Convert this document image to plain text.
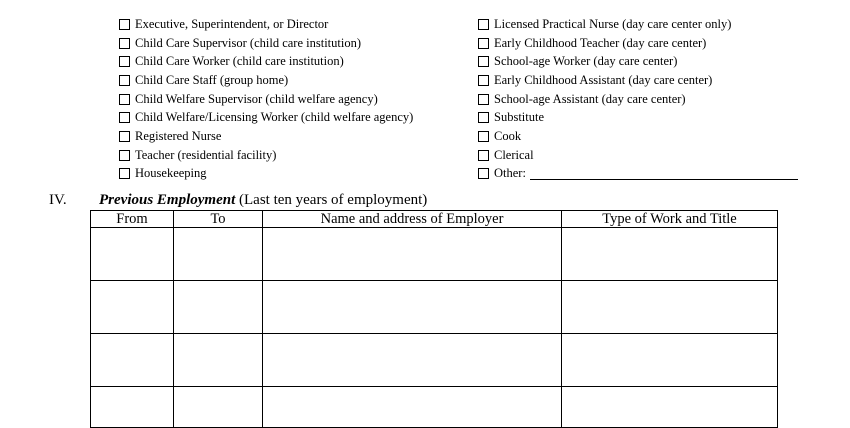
Executive, Superintendent, or Director
Child Care Supervisor (child care institution)
Child Care Worker (child care institution)
Child Care Staff (group home)
Child Welfare Supervisor (child welfare agency)
Child Welfare/Licensing Worker (child welfare agency)
Registered Nurse
Teacher (residential facility)
Housekeeping
Licensed Practical Nurse (day care center only)
Early Childhood Teacher (day care center)
School-age Worker (day care center)
Early Childhood Assistant (day care center)
School-age Assistant (day care center)
Substitute
Cook
Clerical
Other:
IV. Previous Employment (Last ten years of employment)
From	To	Name and address of Employer	Type of Work and Title
